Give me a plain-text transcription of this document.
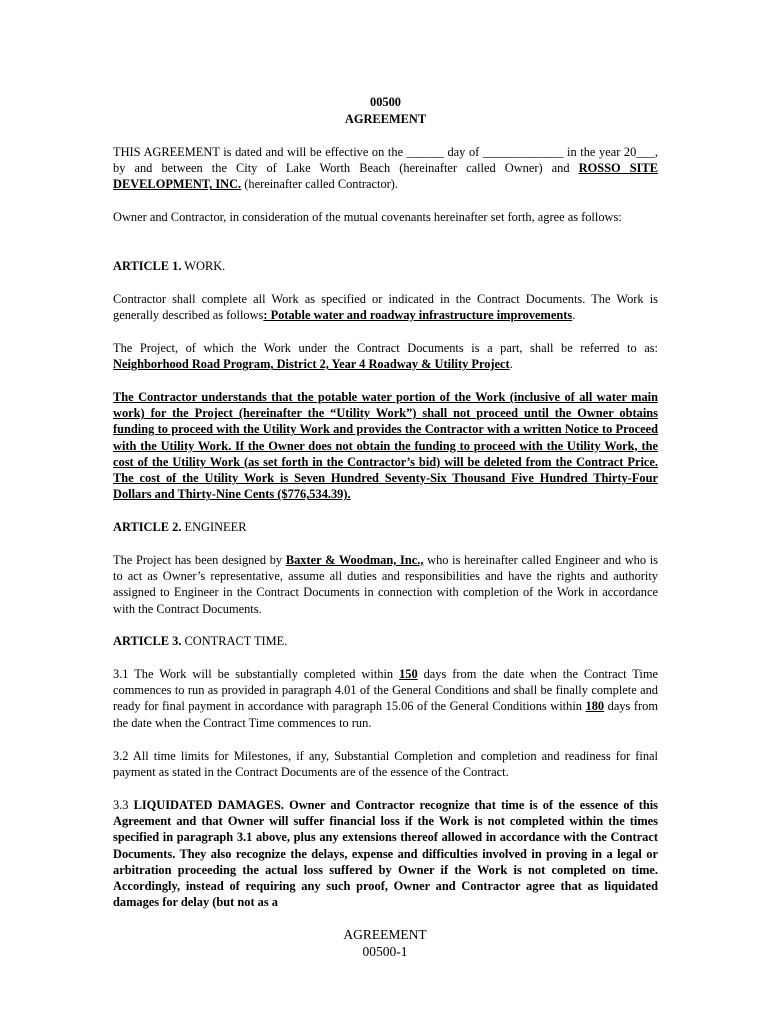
00500
AGREEMENT

THIS AGREEMENT is dated and will be effective on the ______ day of _____________ in the year 20___, by and between the City of Lake Worth Beach (hereinafter called Owner) and ROSSO SITE DEVELOPMENT, INC. (hereinafter called Contractor).

Owner and Contractor, in consideration of the mutual covenants hereinafter set forth, agree as follows:

ARTICLE 1. WORK.

Contractor shall complete all Work as specified or indicated in the Contract Documents. The Work is generally described as follows: Potable water and roadway infrastructure improvements.

The Project, of which the Work under the Contract Documents is a part, shall be referred to as: Neighborhood Road Program, District 2, Year 4 Roadway & Utility Project.

The Contractor understands that the potable water portion of the Work (inclusive of all water main work) for the Project (hereinafter the “Utility Work”) shall not proceed until the Owner obtains funding to proceed with the Utility Work and provides the Contractor with a written Notice to Proceed with the Utility Work. If the Owner does not obtain the funding to proceed with the Utility Work, the cost of the Utility Work (as set forth in the Contractor’s bid) will be deleted from the Contract Price. The cost of the Utility Work is Seven Hundred Seventy-Six Thousand Five Hundred Thirty-Four Dollars and Thirty-Nine Cents ($776,534.39).

ARTICLE 2. ENGINEER

The Project has been designed by Baxter & Woodman, Inc., who is hereinafter called Engineer and who is to act as Owner’s representative, assume all duties and responsibilities and have the rights and authority assigned to Engineer in the Contract Documents in connection with completion of the Work in accordance with the Contract Documents.

ARTICLE 3. CONTRACT TIME.

3.1 The Work will be substantially completed within 150 days from the date when the Contract Time commences to run as provided in paragraph 4.01 of the General Conditions and shall be finally complete and ready for final payment in accordance with paragraph 15.06 of the General Conditions within 180 days from the date when the Contract Time commences to run.

3.2 All time limits for Milestones, if any, Substantial Completion and completion and readiness for final payment as stated in the Contract Documents are of the essence of the Contract.

3.3 LIQUIDATED DAMAGES. Owner and Contractor recognize that time is of the essence of this Agreement and that Owner will suffer financial loss if the Work is not completed within the times specified in paragraph 3.1 above, plus any extensions thereof allowed in accordance with the Contract Documents. They also recognize the delays, expense and difficulties involved in proving in a legal or arbitration proceeding the actual loss suffered by Owner if the Work is not completed on time. Accordingly, instead of requiring any such proof, Owner and Contractor agree that as liquidated damages for delay (but not as a

AGREEMENT
00500-1
